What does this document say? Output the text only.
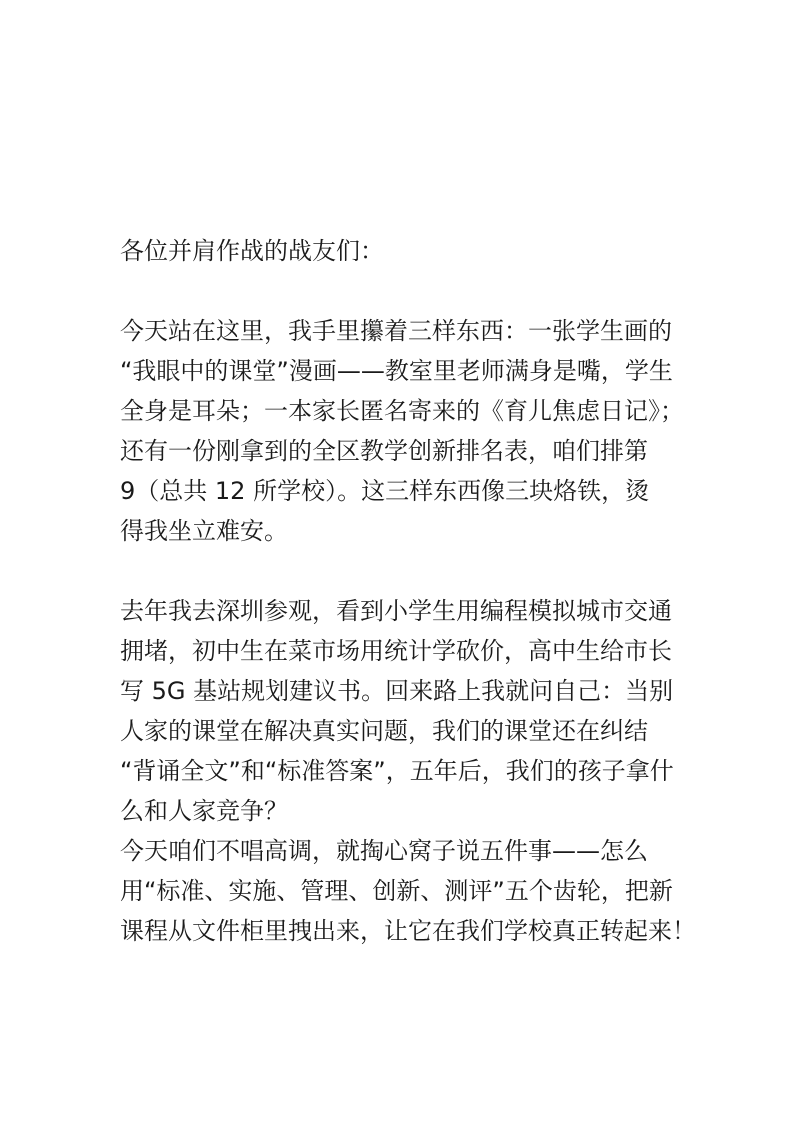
各位并肩作战的战友们：
今天站在这里，我手里攥着三样东西：一张学生画的
“我眼中的课堂”漫画——教室里老师满身是嘴，学生
全身是耳朵；一本家长匿名寄来的《育儿焦虑日记》；
还有一份刚拿到的全区教学创新排名表，咱们排第
9（总共 12 所学校）。这三样东西像三块烙铁，烫
得我坐立难安。
去年我去深圳参观，看到小学生用编程模拟城市交通
拥堵，初中生在菜市场用统计学砍价，高中生给市长
写 5G 基站规划建议书。回来路上我就问自己：当别
人家的课堂在解决真实问题，我们的课堂还在纠结
“背诵全文”和“标准答案”，五年后，我们的孩子拿什
么和人家竞争？
今天咱们不唱高调，就掏心窝子说五件事——怎么
用“标准、实施、管理、创新、测评”五个齿轮，把新
课程从文件柜里拽出来，让它在我们学校真正转起来！
